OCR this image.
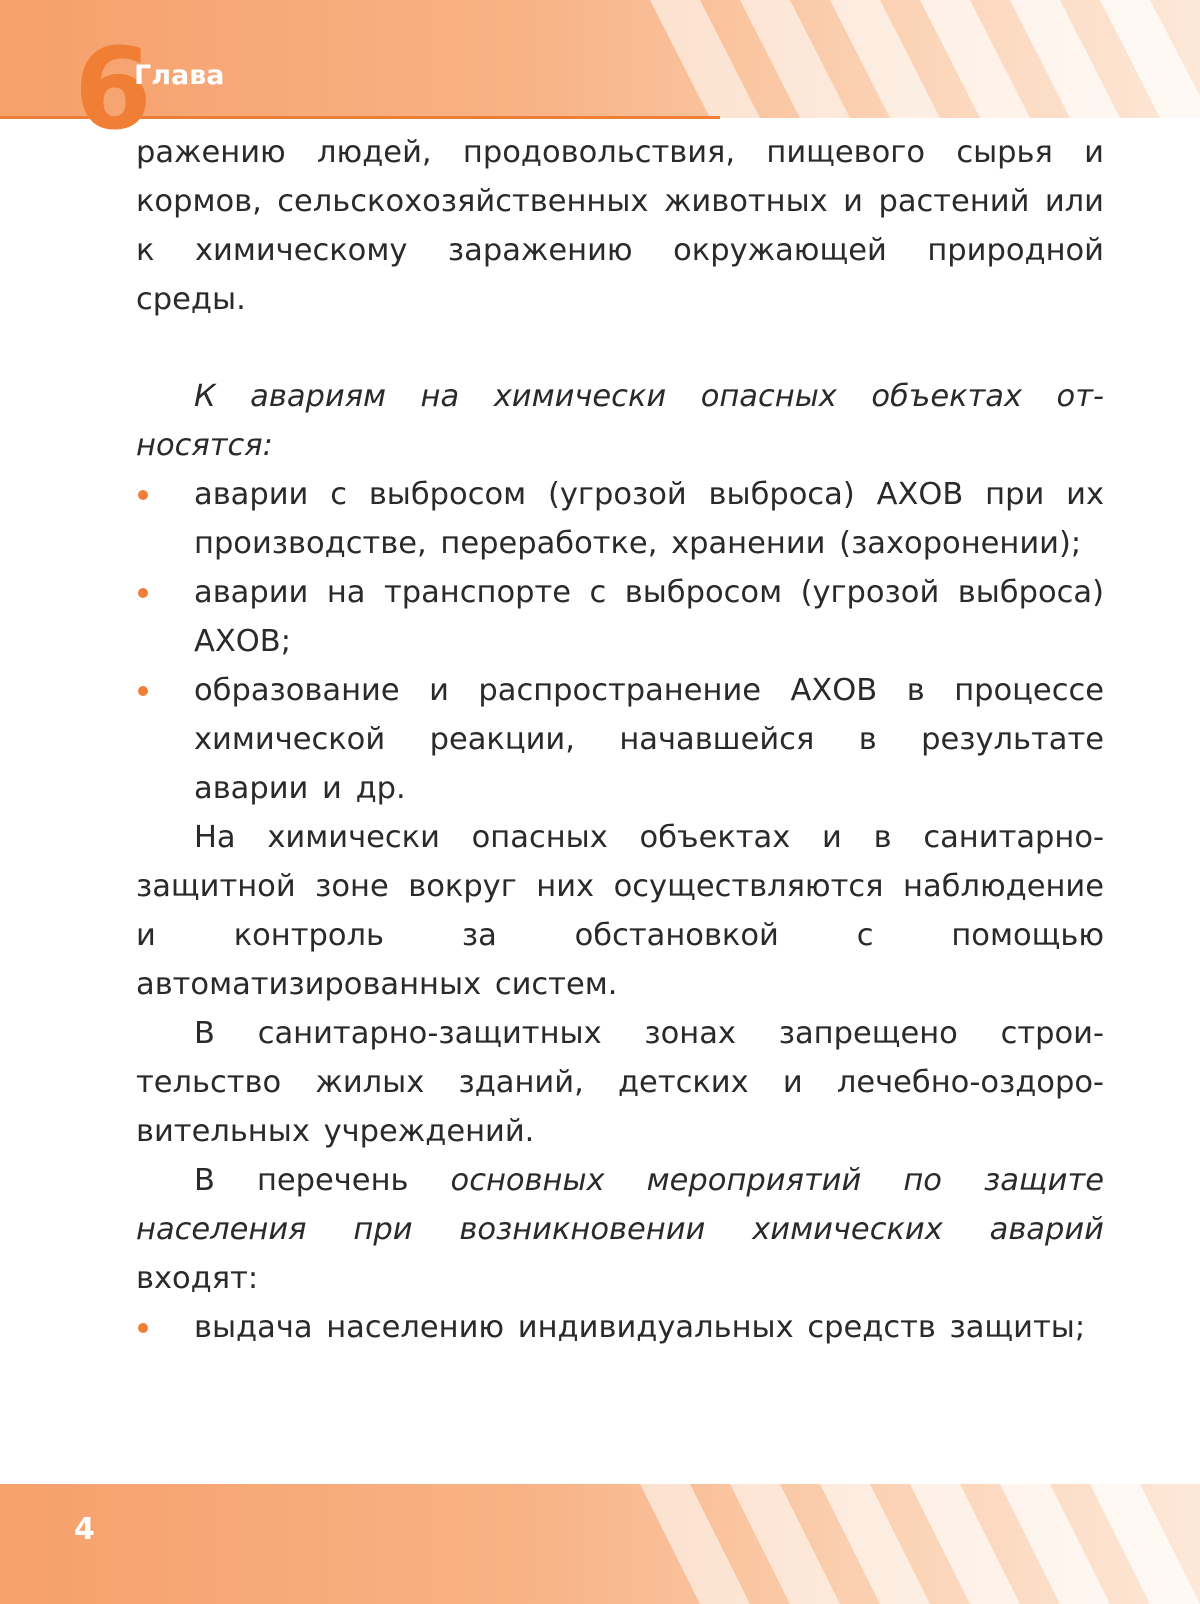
6
Глава

ражению людей, продовольствия, пищевого сырья и кормов, сельскохозяйственных животных и растений или к химическому заражению окружающей природной среды.

К авариям на химически опасных объектах относятся:

аварии с выбросом (угрозой выброса) АХОВ при их производстве, переработке, хранении (захоронении);
аварии на транспорте с выбросом (угрозой выброса) АХОВ;
образование и распространение АХОВ в процессе химической реакции, начавшейся в результате аварии и др.

На химически опасных объектах и в санитарно-защитной зоне вокруг них осуществляются наблюдение и контроль за обстановкой с помощью автоматизированных систем.

В санитарно-защитных зонах запрещено строительство жилых зданий, детских и лечебно-оздоровительных учреждений.

В перечень основных мероприятий по защите населения при возникновении химических аварий входят:

выдача населению индивидуальных средств защиты;
4
